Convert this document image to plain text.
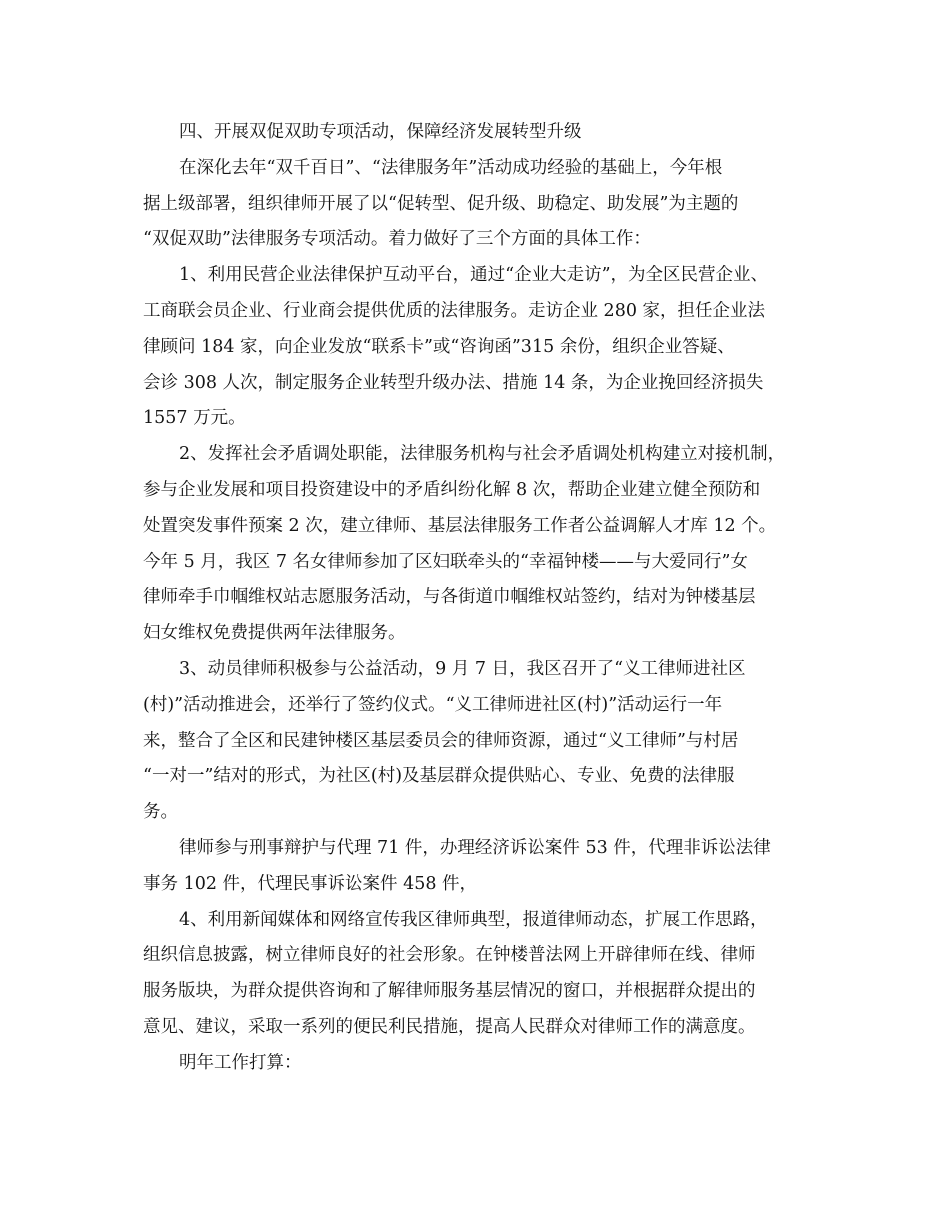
四、开展双促双助专项活动，保障经济发展转型升级
在深化去年“双千百日”、“法律服务年”活动成功经验的基础上，今年根
据上级部署，组织律师开展了以“促转型、促升级、助稳定、助发展”为主题的
“双促双助”法律服务专项活动。着力做好了三个方面的具体工作：
1、利用民营企业法律保护互动平台，通过“企业大走访”，为全区民营企业、
工商联会员企业、行业商会提供优质的法律服务。走访企业 280 家，担任企业法
律顾问 184 家，向企业发放“联系卡”或“咨询函”315 余份，组织企业答疑、
会诊 308 人次，制定服务企业转型升级办法、措施 14 条，为企业挽回经济损失
1557 万元。
2、发挥社会矛盾调处职能，法律服务机构与社会矛盾调处机构建立对接机制，
参与企业发展和项目投资建设中的矛盾纠纷化解 8 次，帮助企业建立健全预防和
处置突发事件预案 2 次，建立律师、基层法律服务工作者公益调解人才库 12 个。
今年 5 月，我区 7 名女律师参加了区妇联牵头的“幸福钟楼——与大爱同行”女
律师牵手巾帼维权站志愿服务活动，与各街道巾帼维权站签约，结对为钟楼基层
妇女维权免费提供两年法律服务。
3、动员律师积极参与公益活动，9 月 7 日，我区召开了“义工律师进社区
(村)”活动推进会，还举行了签约仪式。“义工律师进社区(村)”活动运行一年
来，整合了全区和民建钟楼区基层委员会的律师资源，通过“义工律师”与村居
“一对一”结对的形式，为社区(村)及基层群众提供贴心、专业、免费的法律服
务。
律师参与刑事辩护与代理 71 件，办理经济诉讼案件 53 件，代理非诉讼法律
事务 102 件，代理民事诉讼案件 458 件，
4、利用新闻媒体和网络宣传我区律师典型，报道律师动态，扩展工作思路，
组织信息披露，树立律师良好的社会形象。在钟楼普法网上开辟律师在线、律师
服务版块，为群众提供咨询和了解律师服务基层情况的窗口，并根据群众提出的
意见、建议，采取一系列的便民利民措施，提高人民群众对律师工作的满意度。
明年工作打算：
